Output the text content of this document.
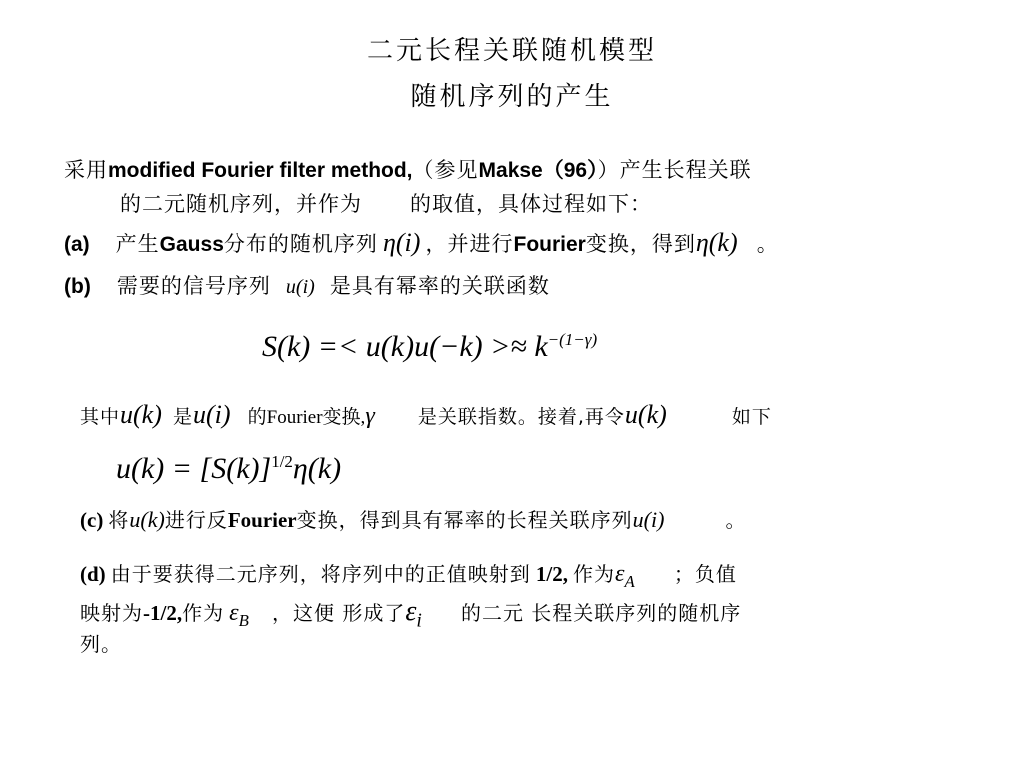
二元长程关联随机模型
随机序列的产生
采用modified Fourier filter method,（参见Makse（96））产生长程关联
的二元随机序列，并作为 的取值，具体过程如下：
(a) 产生Gauss分布的随机序列 η(i) ，并进行Fourier变换，得到η(k) 。
(b) 需要的信号序列 u(i) 是具有幂率的关联函数
$S(k) =< u(k)u(-k) >\approx k^{-(1-\gamma)}$
其中u(k) 是u(i) 的Fourier变换,γ 是关联指数。接着,再令u(k)	如下
$u(k) = [S(k)]^{1/2}\eta(k)$
(c) 将u(k)进行反Fourier变换，得到具有幂率的长程关联序列u(i)	。
(d) 由于要获得二元序列，将序列中的正值映射到 1/2, 作为$\varepsilon_A$ ；负值
映射为-1/2,作为 $\varepsilon_B$ ，这便 形成了$\varepsilon_i$ 的二元 长程关联序列的随机序
列。
